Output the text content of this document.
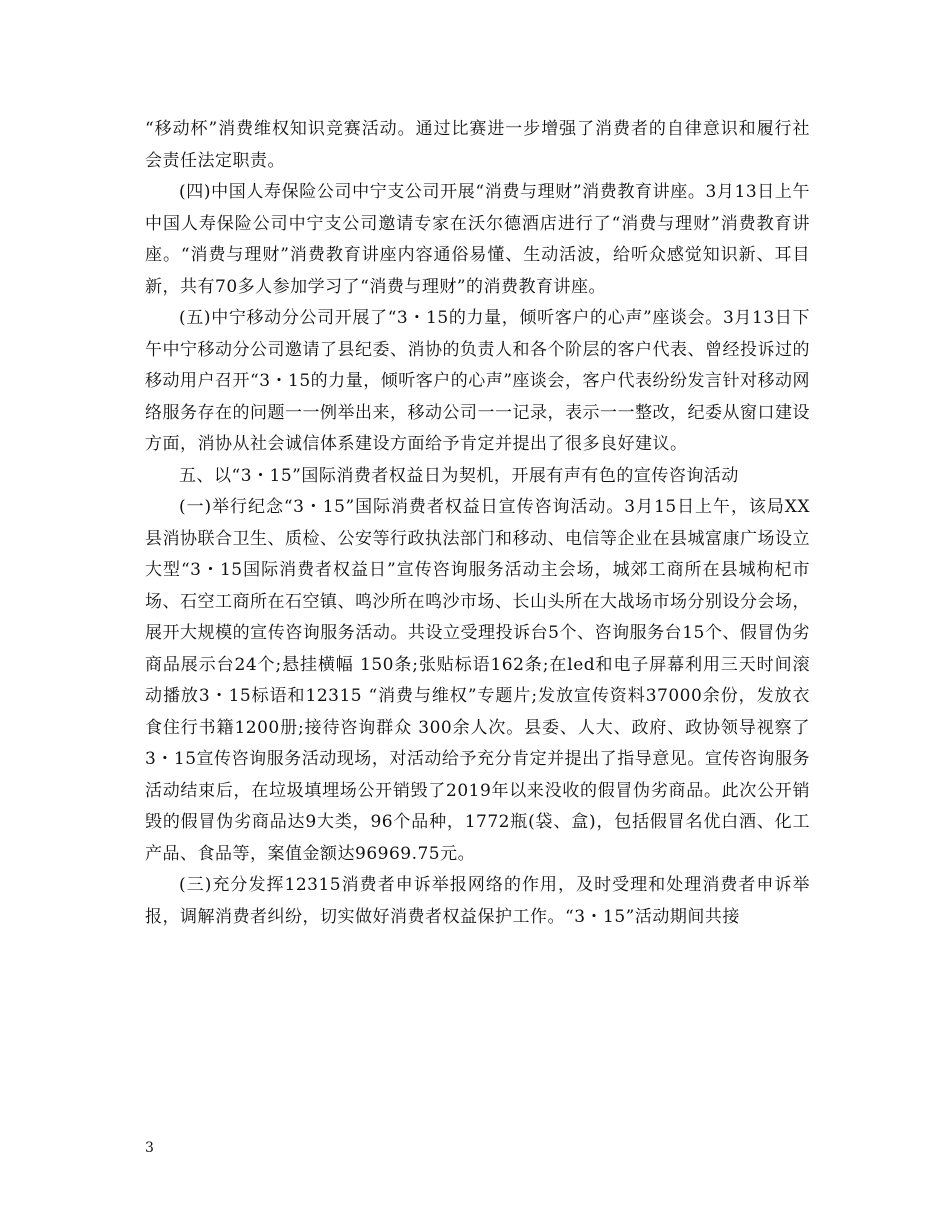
“移动杯”消费维权知识竞赛活动。通过比赛进一步增强了消费者的自律意识和履行社会责任法定职责。

(四)中国人寿保险公司中宁支公司开展“消费与理财”消费教育讲座。3月13日上午中国人寿保险公司中宁支公司邀请专家在沃尔德酒店进行了“消费与理财”消费教育讲座。“消费与理财”消费教育讲座内容通俗易懂、生动活波，给听众感觉知识新、耳目新，共有70多人参加学习了“消费与理财”的消费教育讲座。

(五)中宁移动分公司开展了“3・15的力量，倾听客户的心声”座谈会。3月13日下午中宁移动分公司邀请了县纪委、消协的负责人和各个阶层的客户代表、曾经投诉过的移动用户召开“3・15的力量，倾听客户的心声”座谈会，客户代表纷纷发言针对移动网络服务存在的问题一一例举出来，移动公司一一记录，表示一一整改，纪委从窗口建设方面，消协从社会诚信体系建设方面给予肯定并提出了很多良好建议。

五、以“3・15”国际消费者权益日为契机，开展有声有色的宣传咨询活动

(一)举行纪念“3・15”国际消费者权益日宣传咨询活动。3月15日上午，该局XX县消协联合卫生、质检、公安等行政执法部门和移动、电信等企业在县城富康广场设立大型“3・15国际消费者权益日”宣传咨询服务活动主会场，城郊工商所在县城枸杞市场、石空工商所在石空镇、鸣沙所在鸣沙市场、长山头所在大战场市场分别设分会场，展开大规模的宣传咨询服务活动。共设立受理投诉台5个、咨询服务台15个、假冒伪劣商品展示台24个;悬挂横幅 150条;张贴标语162条;在led和电子屏幕利用三天时间滚动播放3・15标语和12315 “消费与维权”专题片;发放宣传资料37000余份，发放衣食住行书籍1200册;接待咨询群众 300余人次。县委、人大、政府、政协领导视察了3・15宣传咨询服务活动现场，对活动给予充分肯定并提出了指导意见。宣传咨询服务活动结束后，在垃圾填埋场公开销毁了2019年以来没收的假冒伪劣商品。此次公开销毁的假冒伪劣商品达9大类，96个品种，1772瓶(袋、盒)，包括假冒名优白酒、化工产品、食品等，案值金额达96969.75元。

(三)充分发挥12315消费者申诉举报网络的作用，及时受理和处理消费者申诉举报，调解消费者纠纷，切实做好消费者权益保护工作。“3・15”活动期间共接

3
